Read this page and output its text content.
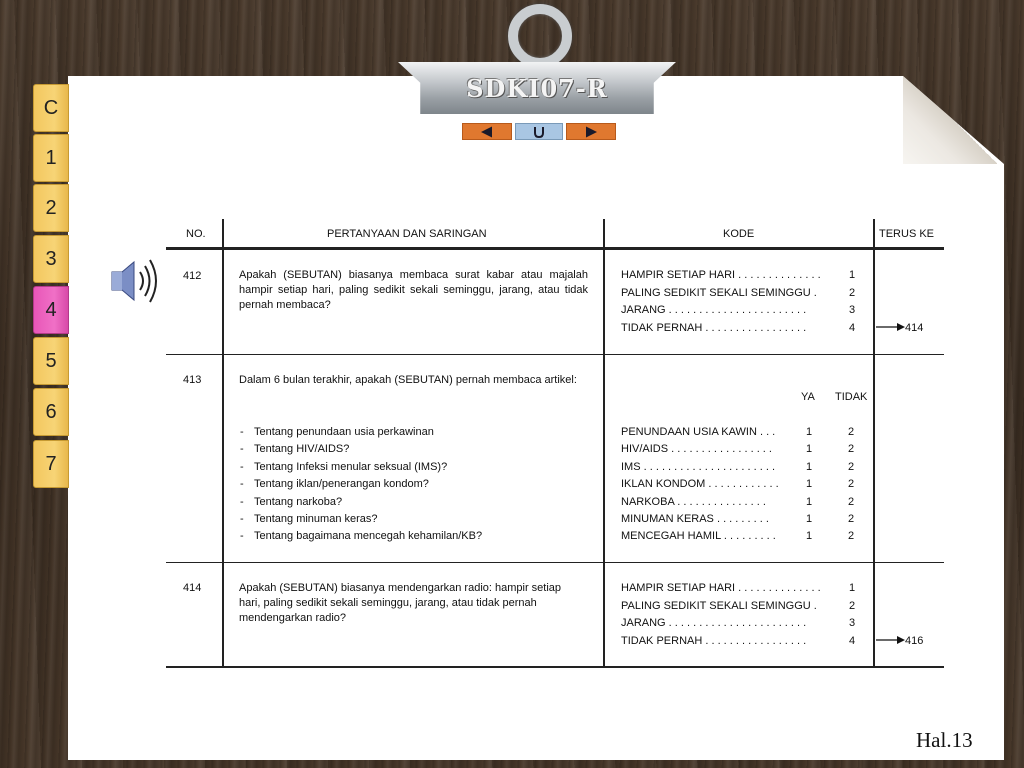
SDKI07-R
C
1
2
3
4
5
6
7
NO.	PERTANYAAN DAN SARINGAN	KODE	TERUS KE
412	Apakah (SEBUTAN) biasanya membaca surat kabar atau majalah hampir setiap hari, paling sedikit sekali seminggu, jarang, atau tidak pernah membaca?
HAMPIR SETIAP HARI . . . . . . . . . . . . . .	1
PALING SEDIKIT SEKALI SEMINGGU .	2
JARANG . . . . . . . . . . . . . . . . . . . . . . .	3
TIDAK PERNAH . . . . . . . . . . . . . . . . .	4	414
413	Dalam 6 bulan terakhir, apakah (SEBUTAN) pernah membaca artikel:
YA TIDAK
- Tentang penundaan usia perkawinan	PENUNDAAN USIA KAWIN . . .	1	2
- Tentang HIV/AIDS?	HIV/AIDS . . . . . . . . . . . . . . . . .	1	2
- Tentang Infeksi menular seksual (IMS)?	IMS . . . . . . . . . . . . . . . . . . . . . .	1	2
- Tentang iklan/penerangan kondom?	IKLAN KONDOM . . . . . . . . . . . . 1	2
- Tentang narkoba?	NARKOBA . . . . . . . . . . . . . . .	1	2
- Tentang minuman keras?	MINUMAN KERAS . . . . . . . . .	1	2
- Tentang bagaimana mencegah kehamilan/KB?	MENCEGAH HAMIL . . . . . . . . .	1	2
414	Apakah (SEBUTAN) biasanya mendengarkan radio: hampir setiap hari, paling sedikit sekali seminggu, jarang, atau tidak pernah mendengarkan radio?
HAMPIR SETIAP HARI . . . . . . . . . . . . . .	1
PALING SEDIKIT SEKALI SEMINGGU .	2
JARANG . . . . . . . . . . . . . . . . . . . . . . .	3
TIDAK PERNAH . . . . . . . . . . . . . . . . .	4	416
Hal.13
